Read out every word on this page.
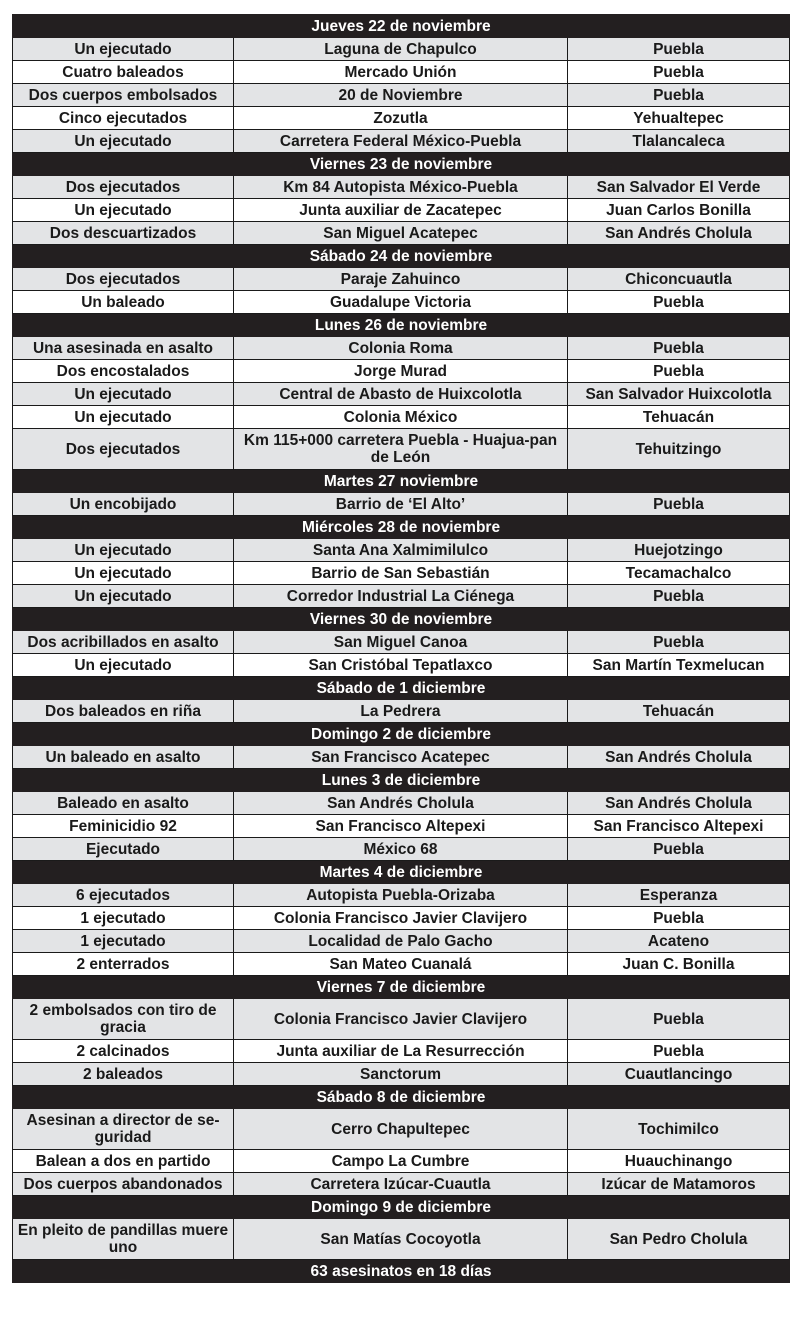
Jueves 22 de noviembre		
Un ejecutado	Laguna de Chapulco	Puebla
Cuatro baleados	Mercado Unión	Puebla
Dos cuerpos embolsados	20 de Noviembre	Puebla
Cinco ejecutados	Zozutla	Yehualtepec
Un ejecutado	Carretera Federal México-Puebla	Tlalancaleca
Viernes 23 de noviembre		
Dos ejecutados	Km 84 Autopista México-Puebla	San Salvador El Verde
Un ejecutado	Junta auxiliar de Zacatepec	Juan Carlos Bonilla
Dos descuartizados	San Miguel Acatepec	San Andrés Cholula
Sábado 24 de noviembre		
Dos ejecutados	Paraje Zahuinco	Chiconcuautla
Un baleado	Guadalupe Victoria	Puebla
Lunes 26 de noviembre		
Una asesinada en asalto	Colonia Roma	Puebla
Dos encostalados	Jorge Murad	Puebla
Un ejecutado	Central de Abasto de Huixcolotla	San Salvador Huixcolotla
Un ejecutado	Colonia México	Tehuacán
Dos ejecutados	Km 115+000 carretera Puebla - Huajua-pan de León	Tehuitzingo
Martes 27 noviembre		
Un encobijado	Barrio de ‘El Alto’	Puebla
Miércoles 28 de noviembre		
Un ejecutado	Santa Ana Xalmimilulco	Huejotzingo
Un ejecutado	Barrio de San Sebastián	Tecamachalco
Un ejecutado	Corredor Industrial La Ciénega	Puebla
Viernes 30 de noviembre		
Dos acribillados en asalto	San Miguel Canoa	Puebla
Un ejecutado	San Cristóbal Tepatlaxco	San Martín Texmelucan
Sábado de 1 diciembre		
Dos baleados en riña	La Pedrera	Tehuacán
Domingo 2 de diciembre		
Un baleado en asalto	San Francisco Acatepec	San Andrés Cholula
Lunes 3 de diciembre		
Baleado en asalto	San Andrés Cholula	San Andrés Cholula
Feminicidio 92	San Francisco Altepexi	San Francisco Altepexi
Ejecutado	México 68	Puebla
Martes 4 de diciembre		
6 ejecutados	Autopista Puebla-Orizaba	Esperanza
1 ejecutado	Colonia Francisco Javier Clavijero	Puebla
1 ejecutado	Localidad de Palo Gacho	Acateno
2 enterrados	San Mateo Cuanalá	Juan C. Bonilla
Viernes 7 de diciembre		
2 embolsados con tiro de gracia	Colonia Francisco Javier Clavijero	Puebla
2 calcinados	Junta auxiliar de La Resurrección	Puebla
2 baleados	Sanctorum	Cuautlancingo
Sábado 8 de diciembre		
Asesinan a director de se-guridad	Cerro Chapultepec	Tochimilco
Balean a dos en partido	Campo La Cumbre	Huauchinango
Dos cuerpos abandonados	Carretera Izúcar-Cuautla	Izúcar de Matamoros
Domingo 9 de diciembre		
En pleito de pandillas muere uno	San Matías Cocoyotla	San Pedro Cholula
63 asesinatos en 18 días		
